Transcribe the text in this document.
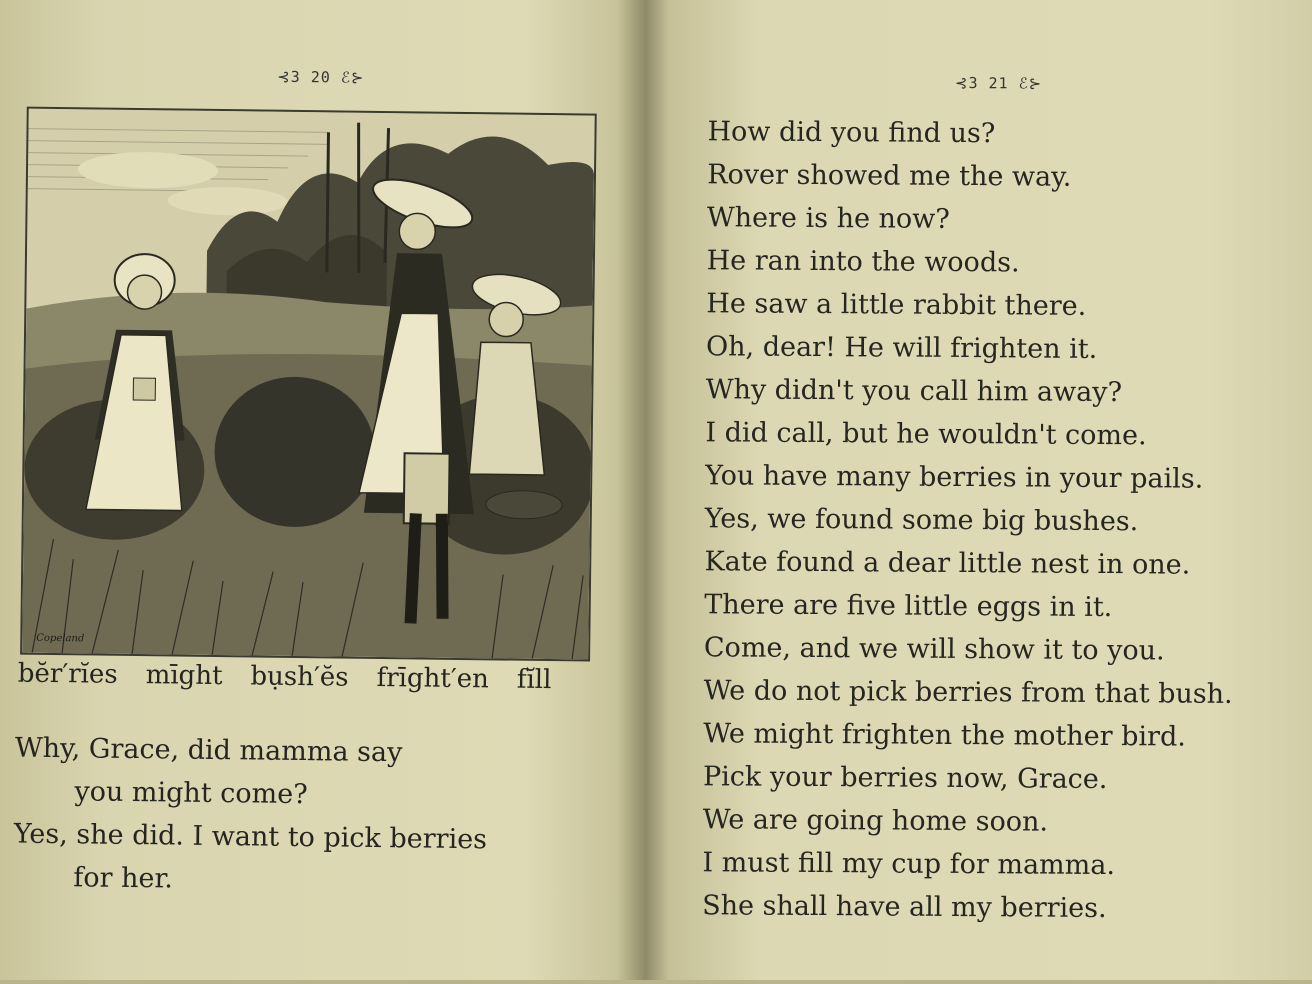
⊰3 20 ℰ⊱
Copeland
bĕr′rĭes mīght bụsh′ĕs frīght′en fĭll
Why, Grace, did mamma say
you might come?
Yes, she did. I want to pick berries
for her.
⊰3 21 ℰ⊱
How did you find us?
Rover showed me the way.
Where is he now?
He ran into the woods.
He saw a little rabbit there.
Oh, dear! He will frighten it.
Why didn't you call him away?
I did call, but he wouldn't come.
You have many berries in your pails.
Yes, we found some big bushes.
Kate found a dear little nest in one.
There are five little eggs in it.
Come, and we will show it to you.
We do not pick berries from that bush.
We might frighten the mother bird.
Pick your berries now, Grace.
We are going home soon.
I must fill my cup for mamma.
She shall have all my berries.
